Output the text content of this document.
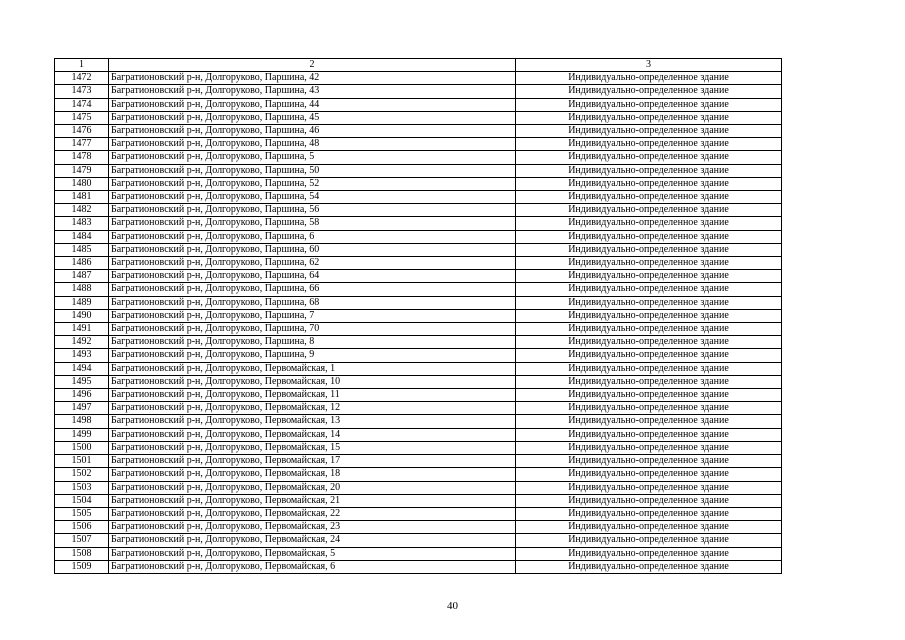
1	2	3
1472	Багратионовский р-н, Долгоруково, Паршина, 42	Индивидуально-определенное здание
1473	Багратионовский р-н, Долгоруково, Паршина, 43	Индивидуально-определенное здание
1474	Багратионовский р-н, Долгоруково, Паршина, 44	Индивидуально-определенное здание
1475	Багратионовский р-н, Долгоруково, Паршина, 45	Индивидуально-определенное здание
1476	Багратионовский р-н, Долгоруково, Паршина, 46	Индивидуально-определенное здание
1477	Багратионовский р-н, Долгоруково, Паршина, 48	Индивидуально-определенное здание
1478	Багратионовский р-н, Долгоруково, Паршина, 5	Индивидуально-определенное здание
1479	Багратионовский р-н, Долгоруково, Паршина, 50	Индивидуально-определенное здание
1480	Багратионовский р-н, Долгоруково, Паршина, 52	Индивидуально-определенное здание
1481	Багратионовский р-н, Долгоруково, Паршина, 54	Индивидуально-определенное здание
1482	Багратионовский р-н, Долгоруково, Паршина, 56	Индивидуально-определенное здание
1483	Багратионовский р-н, Долгоруково, Паршина, 58	Индивидуально-определенное здание
1484	Багратионовский р-н, Долгоруково, Паршина, 6	Индивидуально-определенное здание
1485	Багратионовский р-н, Долгоруково, Паршина, 60	Индивидуально-определенное здание
1486	Багратионовский р-н, Долгоруково, Паршина, 62	Индивидуально-определенное здание
1487	Багратионовский р-н, Долгоруково, Паршина, 64	Индивидуально-определенное здание
1488	Багратионовский р-н, Долгоруково, Паршина, 66	Индивидуально-определенное здание
1489	Багратионовский р-н, Долгоруково, Паршина, 68	Индивидуально-определенное здание
1490	Багратионовский р-н, Долгоруково, Паршина, 7	Индивидуально-определенное здание
1491	Багратионовский р-н, Долгоруково, Паршина, 70	Индивидуально-определенное здание
1492	Багратионовский р-н, Долгоруково, Паршина, 8	Индивидуально-определенное здание
1493	Багратионовский р-н, Долгоруково, Паршина, 9	Индивидуально-определенное здание
1494	Багратионовский р-н, Долгоруково, Первомайская, 1	Индивидуально-определенное здание
1495	Багратионовский р-н, Долгоруково, Первомайская, 10	Индивидуально-определенное здание
1496	Багратионовский р-н, Долгоруково, Первомайская, 11	Индивидуально-определенное здание
1497	Багратионовский р-н, Долгоруково, Первомайская, 12	Индивидуально-определенное здание
1498	Багратионовский р-н, Долгоруково, Первомайская, 13	Индивидуально-определенное здание
1499	Багратионовский р-н, Долгоруково, Первомайская, 14	Индивидуально-определенное здание
1500	Багратионовский р-н, Долгоруково, Первомайская, 15	Индивидуально-определенное здание
1501	Багратионовский р-н, Долгоруково, Первомайская, 17	Индивидуально-определенное здание
1502	Багратионовский р-н, Долгоруково, Первомайская, 18	Индивидуально-определенное здание
1503	Багратионовский р-н, Долгоруково, Первомайская, 20	Индивидуально-определенное здание
1504	Багратионовский р-н, Долгоруково, Первомайская, 21	Индивидуально-определенное здание
1505	Багратионовский р-н, Долгоруково, Первомайская, 22	Индивидуально-определенное здание
1506	Багратионовский р-н, Долгоруково, Первомайская, 23	Индивидуально-определенное здание
1507	Багратионовский р-н, Долгоруково, Первомайская, 24	Индивидуально-определенное здание
1508	Багратионовский р-н, Долгоруково, Первомайская, 5	Индивидуально-определенное здание
1509	Багратионовский р-н, Долгоруково, Первомайская, 6	Индивидуально-определенное здание
40
